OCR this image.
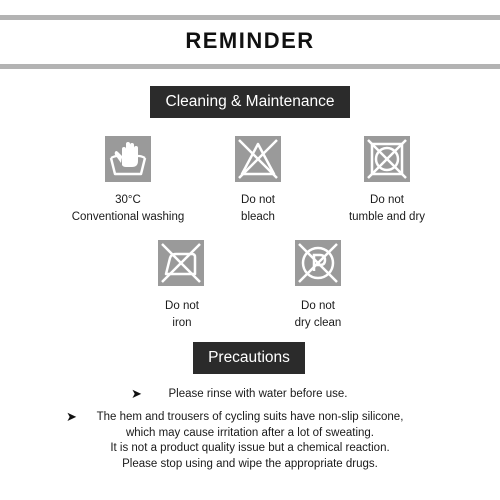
REMINDER
Cleaning & Maintenance
30°C
Conventional washing
Do not
bleach
Do not
tumble and dry
Do not
iron
Do not
dry clean
Precautions
➤	Please rinse with water before use.
➤	The hem and trousers of cycling suits have non-slip silicone,
which may cause irritation after a lot of sweating.
It is not a product quality issue but a chemical reaction.
Please stop using and wipe the appropriate drugs.
